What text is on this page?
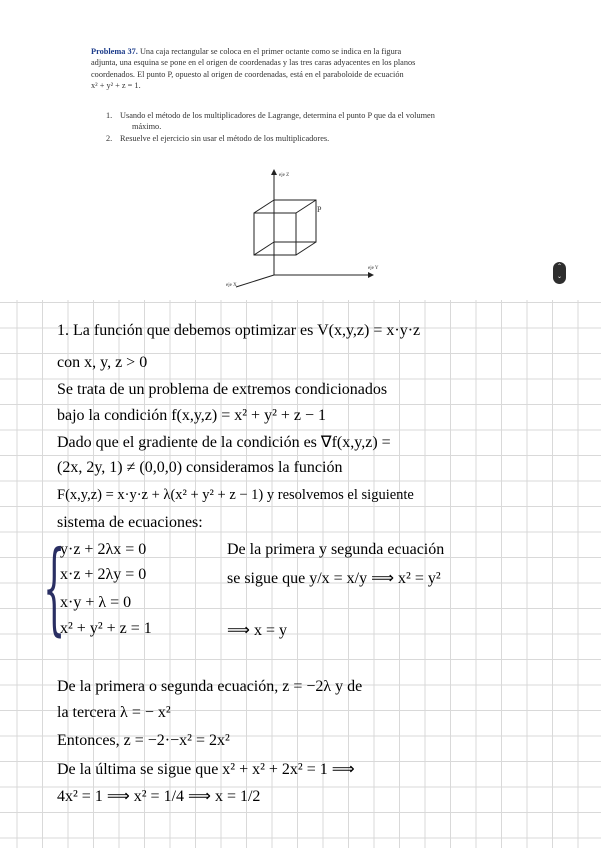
Problema 37. Una caja rectangular se coloca en el primer octante como se indica en la figura
adjunta, una esquina se pone en el origen de coordenadas y las tres caras adyacentes en los planos
coordenados. El punto P, opuesto al origen de coordenadas, está en el paraboloide de ecuación
x² + y² + z = 1.
1. Usando el método de los multiplicadores de Lagrange, determina el punto P que da el volumen
máximo.
2. Resuelve el ejercicio sin usar el método de los multiplicadores.
eje Z
eje Y
eje X
P
⌃
⌄
1. La función que debemos optimizar es V(x,y,z) = x·y·z
con x, y, z > 0
Se trata de un problema de extremos condicionados
bajo la condición f(x,y,z) = x² + y² + z − 1
Dado que el gradiente de la condición es ∇f(x,y,z) =
(2x, 2y, 1) ≠ (0,0,0) consideramos la función
F(x,y,z) = x·y·z + λ(x² + y² + z − 1) y resolvemos el siguiente
sistema de ecuaciones:
{
y·z + 2λx = 0
x·z + 2λy = 0
x·y + λ = 0
x² + y² + z = 1
De la primera y segunda ecuación
se sigue que y/x = x/y ⟹ x² = y²
⟹ x = y
De la primera o segunda ecuación, z = −2λ y de
la tercera λ = − x²
Entonces, z = −2·−x² = 2x²
De la última se sigue que x² + x² + 2x² = 1 ⟹
4x² = 1 ⟹ x² = 1/4 ⟹ x = 1/2
